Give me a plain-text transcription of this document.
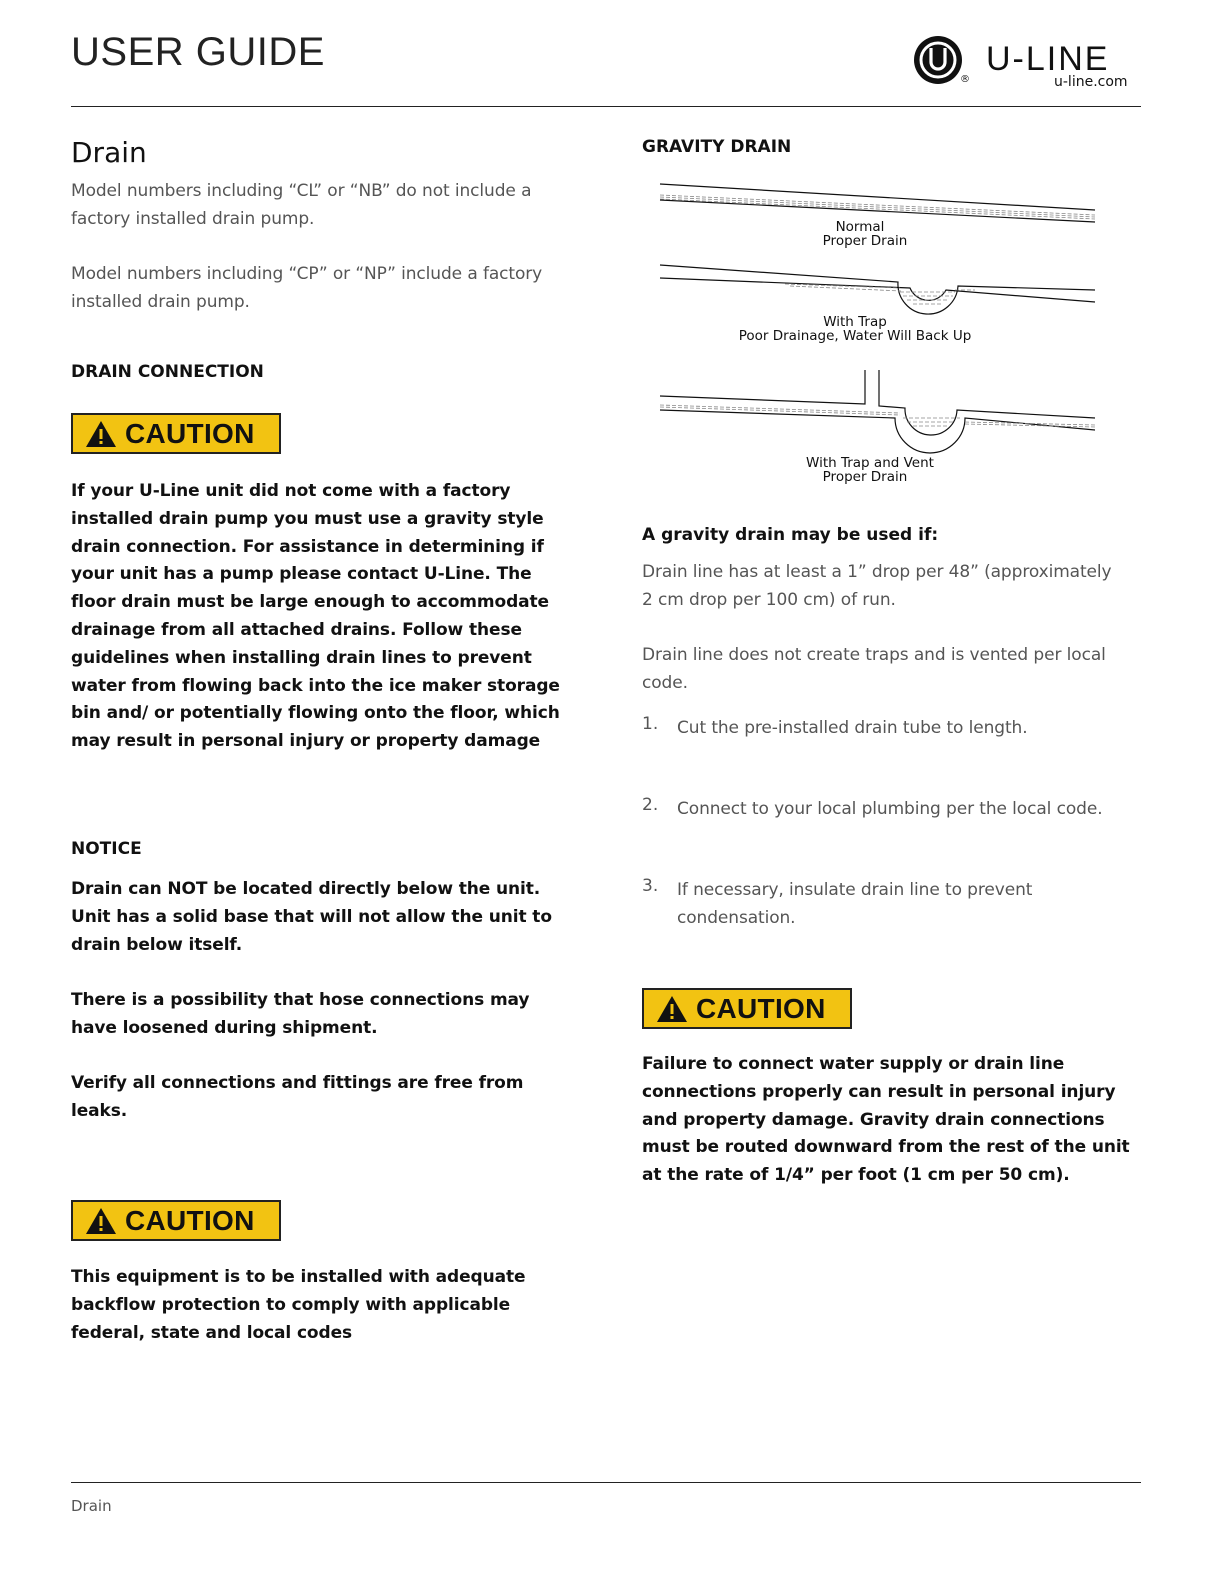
USER GUIDE
®
U-LINE
u-line.com
Drain
Model numbers including “CL” or “NB” do not include a factory installed drain pump.
Model numbers including “CP” or “NP” include a factory installed drain pump.
DRAIN CONNECTION
CAUTION
If your U-Line unit did not come with a factory installed drain pump you must use a gravity style drain connection. For assistance in determining if your unit has a pump please contact U-Line. The floor drain must be large enough to accommodate drainage from all attached drains. Follow these guidelines when installing drain lines to prevent water from flowing back into the ice maker storage bin and/ or potentially flowing onto the floor, which may result in personal injury or property damage
NOTICE
Drain can NOT be located directly below the unit. Unit has a solid base that will not allow the unit to drain below itself.
There is a possibility that hose connections may have loosened during shipment.
Verify all connections and fittings are free from leaks.
CAUTION
This equipment is to be installed with adequate backflow protection to comply with applicable federal, state and local codes
GRAVITY DRAIN
Normal
Proper Drain
With Trap
Poor Drainage, Water Will Back Up
With Trap and Vent
Proper Drain
A gravity drain may be used if:
Drain line has at least a 1” drop per 48” (approximately 2 cm drop per 100 cm) of run.
Drain line does not create traps and is vented per local code.
1. Cut the pre-installed drain tube to length.
2. Connect to your local plumbing per the local code.
3. If necessary, insulate drain line to prevent condensation.
CAUTION
Failure to connect water supply or drain line connections properly can result in personal injury and property damage. Gravity drain connections must be routed downward from the rest of the unit at the rate of 1/4” per foot (1 cm per 50 cm).
Drain
